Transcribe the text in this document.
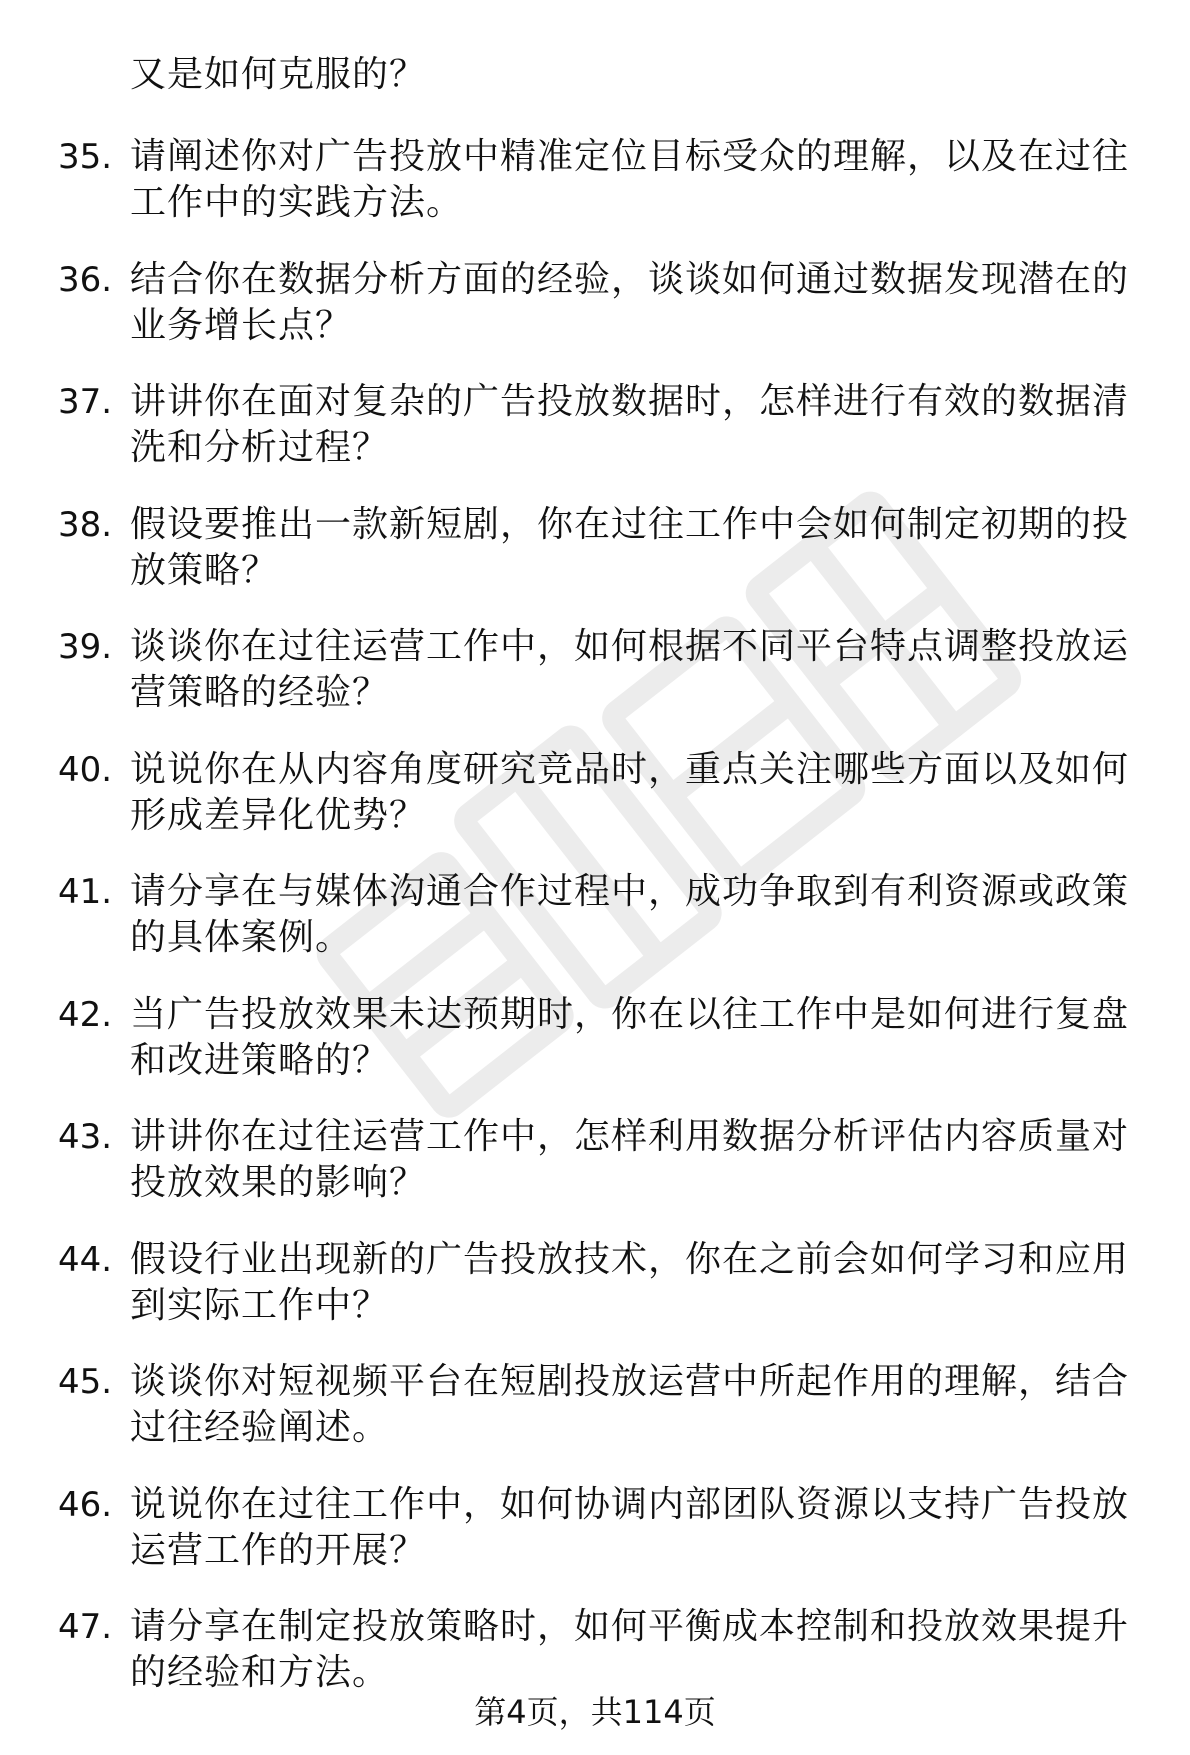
又是如何克服的？
35. 请阐述你对广告投放中精准定位目标受众的理解，以及在过往工作中的实践方法。
36. 结合你在数据分析方面的经验，谈谈如何通过数据发现潜在的业务增长点？
37. 讲讲你在面对复杂的广告投放数据时，怎样进行有效的数据清洗和分析过程？
38. 假设要推出一款新短剧，你在过往工作中会如何制定初期的投放策略？
39. 谈谈你在过往运营工作中，如何根据不同平台特点调整投放运营策略的经验？
40. 说说你在从内容角度研究竞品时，重点关注哪些方面以及如何形成差异化优势？
41. 请分享在与媒体沟通合作过程中，成功争取到有利资源或政策的具体案例。
42. 当广告投放效果未达预期时，你在以往工作中是如何进行复盘和改进策略的？
43. 讲讲你在过往运营工作中，怎样利用数据分析评估内容质量对投放效果的影响？
44. 假设行业出现新的广告投放技术，你在之前会如何学习和应用到实际工作中？
45. 谈谈你对短视频平台在短剧投放运营中所起作用的理解，结合过往经验阐述。
46. 说说你在过往工作中，如何协调内部团队资源以支持广告投放运营工作的开展？
47. 请分享在制定投放策略时，如何平衡成本控制和投放效果提升的经验和方法。
第4页，共114页
